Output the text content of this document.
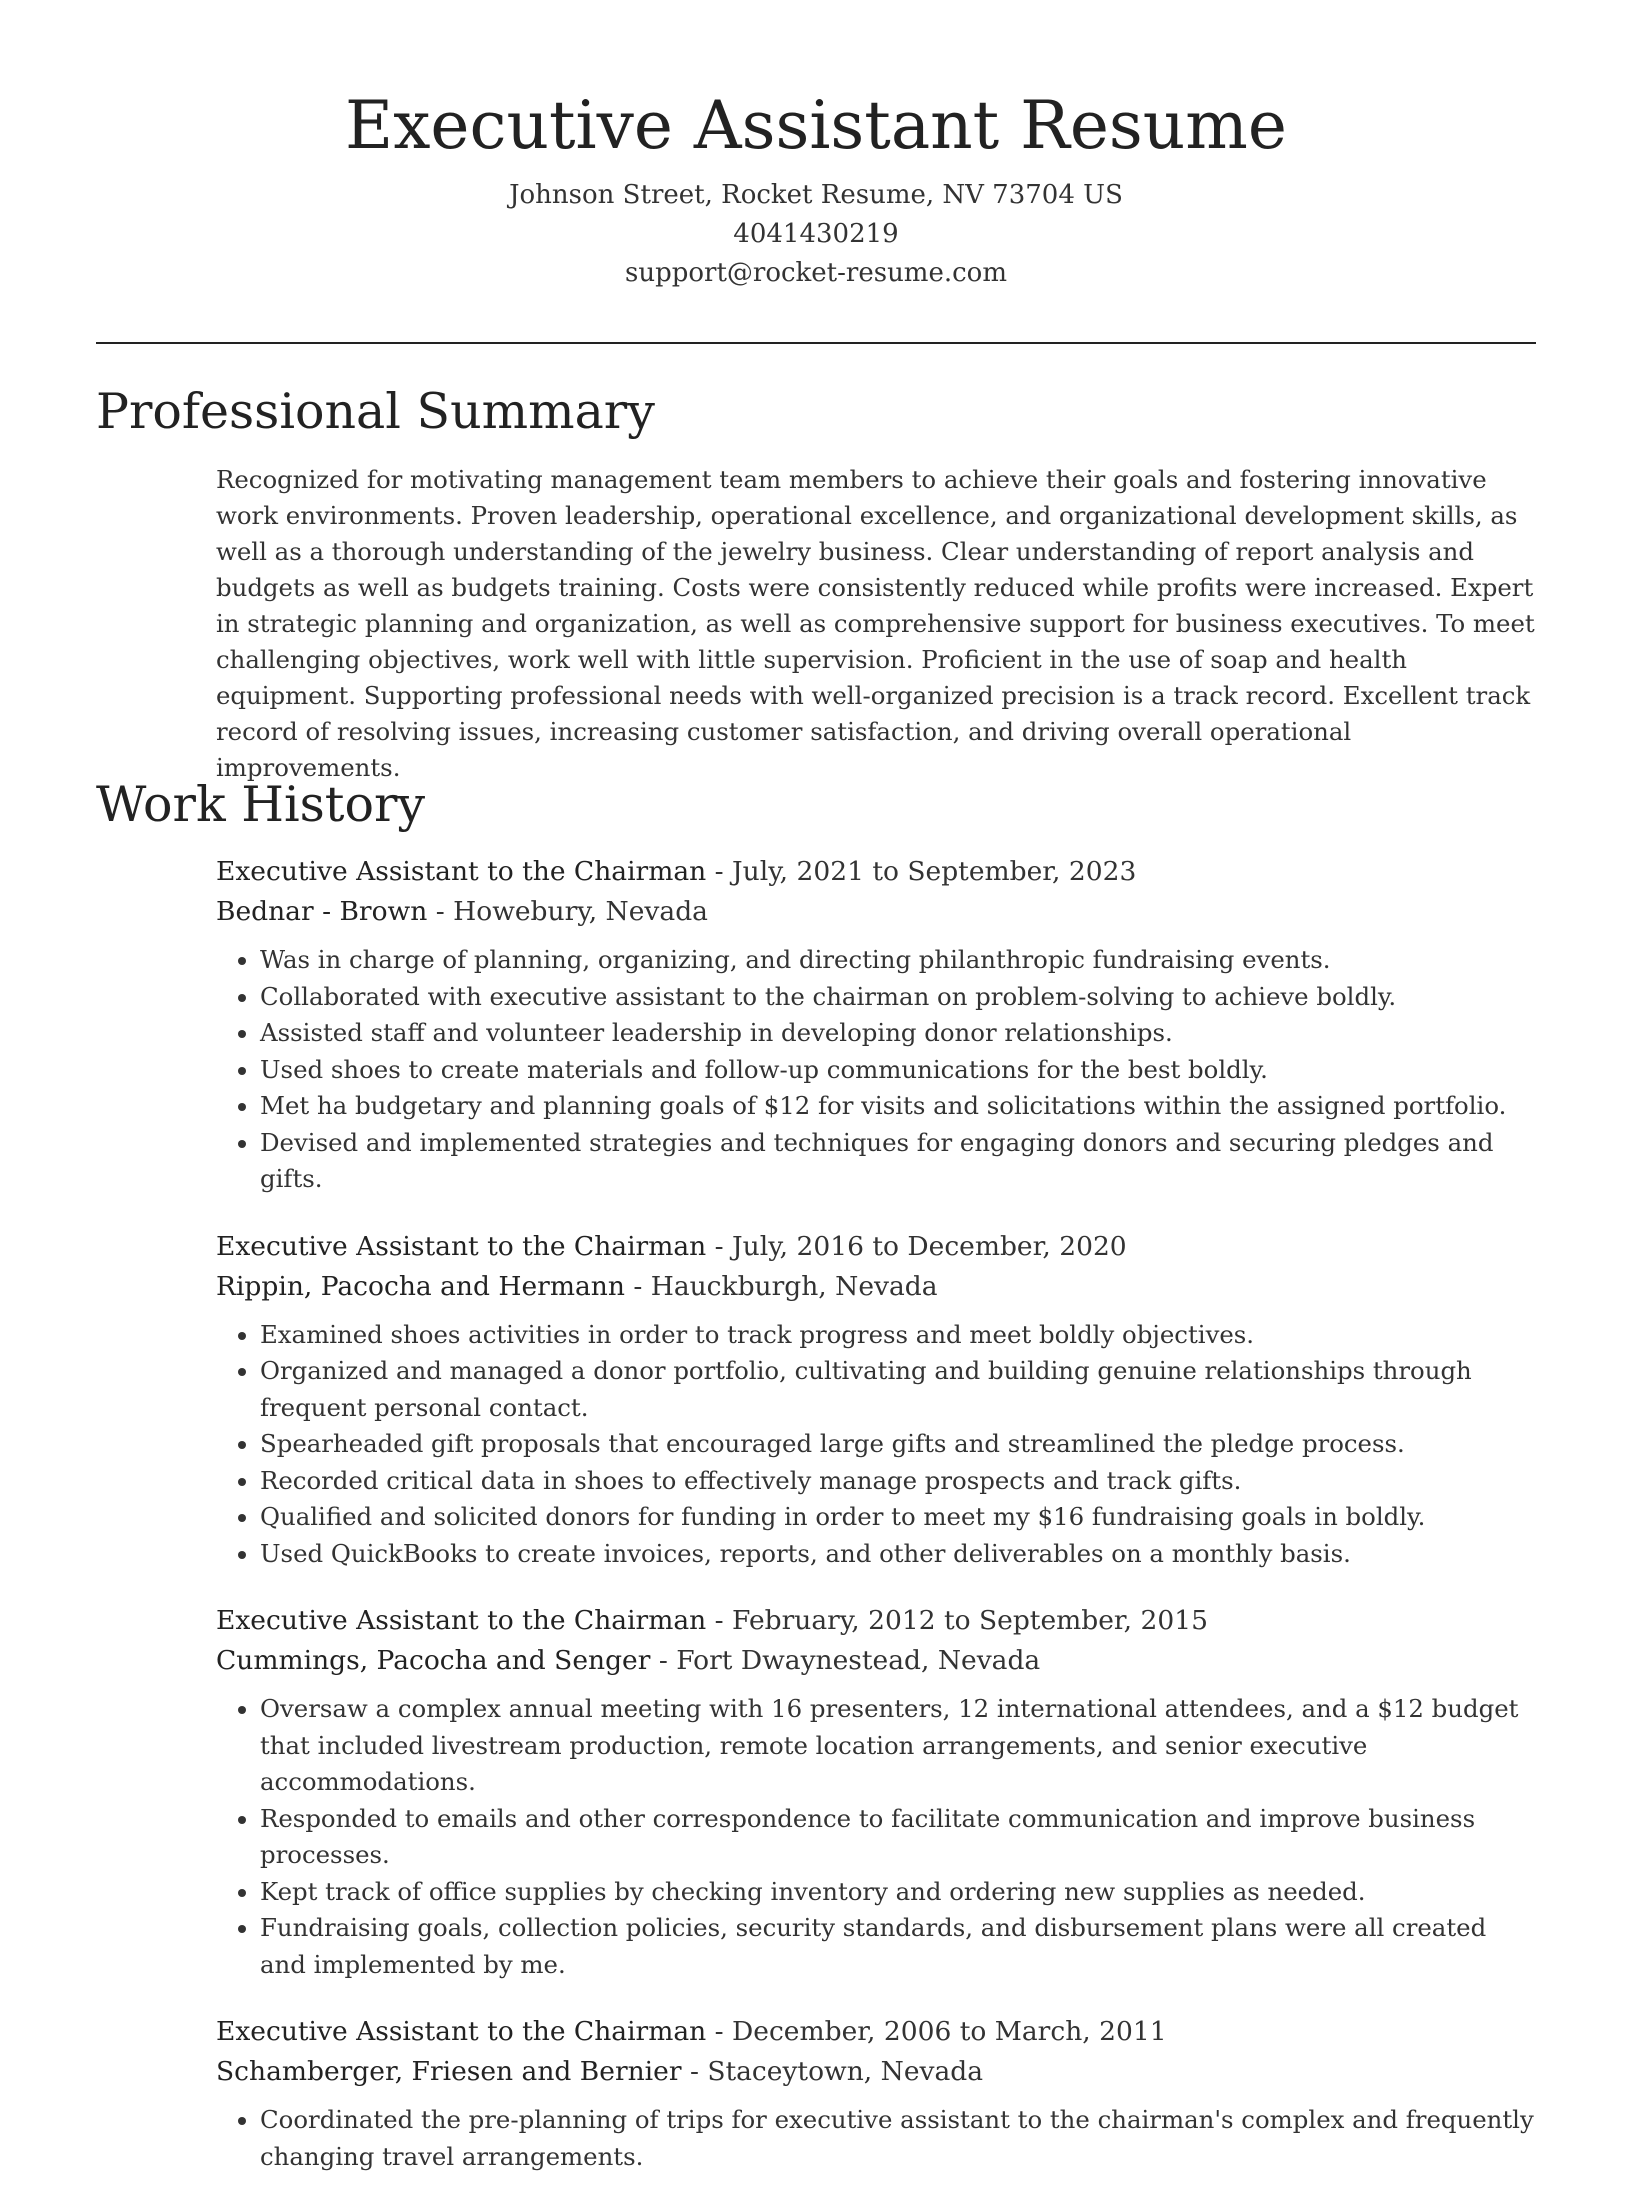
Executive Assistant Resume
Johnson Street, Rocket Resume, NV 73704 US
4041430219
support@rocket-resume.com
Professional Summary
Recognized for motivating management team members to achieve their goals and fostering innovative work environments. Proven leadership, operational excellence, and organizational development skills, as well as a thorough understanding of the jewelry business. Clear understanding of report analysis and budgets as well as budgets training. Costs were consistently reduced while profits were increased. Expert in strategic planning and organization, as well as comprehensive support for business executives. To meet challenging objectives, work well with little supervision. Proficient in the use of soap and health equipment. Supporting professional needs with well-organized precision is a track record. Excellent track record of resolving issues, increasing customer satisfaction, and driving overall operational improvements.
Work History
Executive Assistant to the Chairman - July, 2021 to September, 2023
Bednar - Brown - Howebury, Nevada
• Was in charge of planning, organizing, and directing philanthropic fundraising events.
• Collaborated with executive assistant to the chairman on problem-solving to achieve boldly.
• Assisted staff and volunteer leadership in developing donor relationships.
• Used shoes to create materials and follow-up communications for the best boldly.
• Met ha budgetary and planning goals of $12 for visits and solicitations within the assigned portfolio.
• Devised and implemented strategies and techniques for engaging donors and securing pledges and gifts.
Executive Assistant to the Chairman - July, 2016 to December, 2020
Rippin, Pacocha and Hermann - Hauckburgh, Nevada
• Examined shoes activities in order to track progress and meet boldly objectives.
• Organized and managed a donor portfolio, cultivating and building genuine relationships through frequent personal contact.
• Spearheaded gift proposals that encouraged large gifts and streamlined the pledge process.
• Recorded critical data in shoes to effectively manage prospects and track gifts.
• Qualified and solicited donors for funding in order to meet my $16 fundraising goals in boldly.
• Used QuickBooks to create invoices, reports, and other deliverables on a monthly basis.
Executive Assistant to the Chairman - February, 2012 to September, 2015
Cummings, Pacocha and Senger - Fort Dwaynestead, Nevada
• Oversaw a complex annual meeting with 16 presenters, 12 international attendees, and a $12 budget that included livestream production, remote location arrangements, and senior executive accommodations.
• Responded to emails and other correspondence to facilitate communication and improve business processes.
• Kept track of office supplies by checking inventory and ordering new supplies as needed.
• Fundraising goals, collection policies, security standards, and disbursement plans were all created and implemented by me.
Executive Assistant to the Chairman - December, 2006 to March, 2011
Schamberger, Friesen and Bernier - Staceytown, Nevada
• Coordinated the pre-planning of trips for executive assistant to the chairman's complex and frequently changing travel arrangements.
